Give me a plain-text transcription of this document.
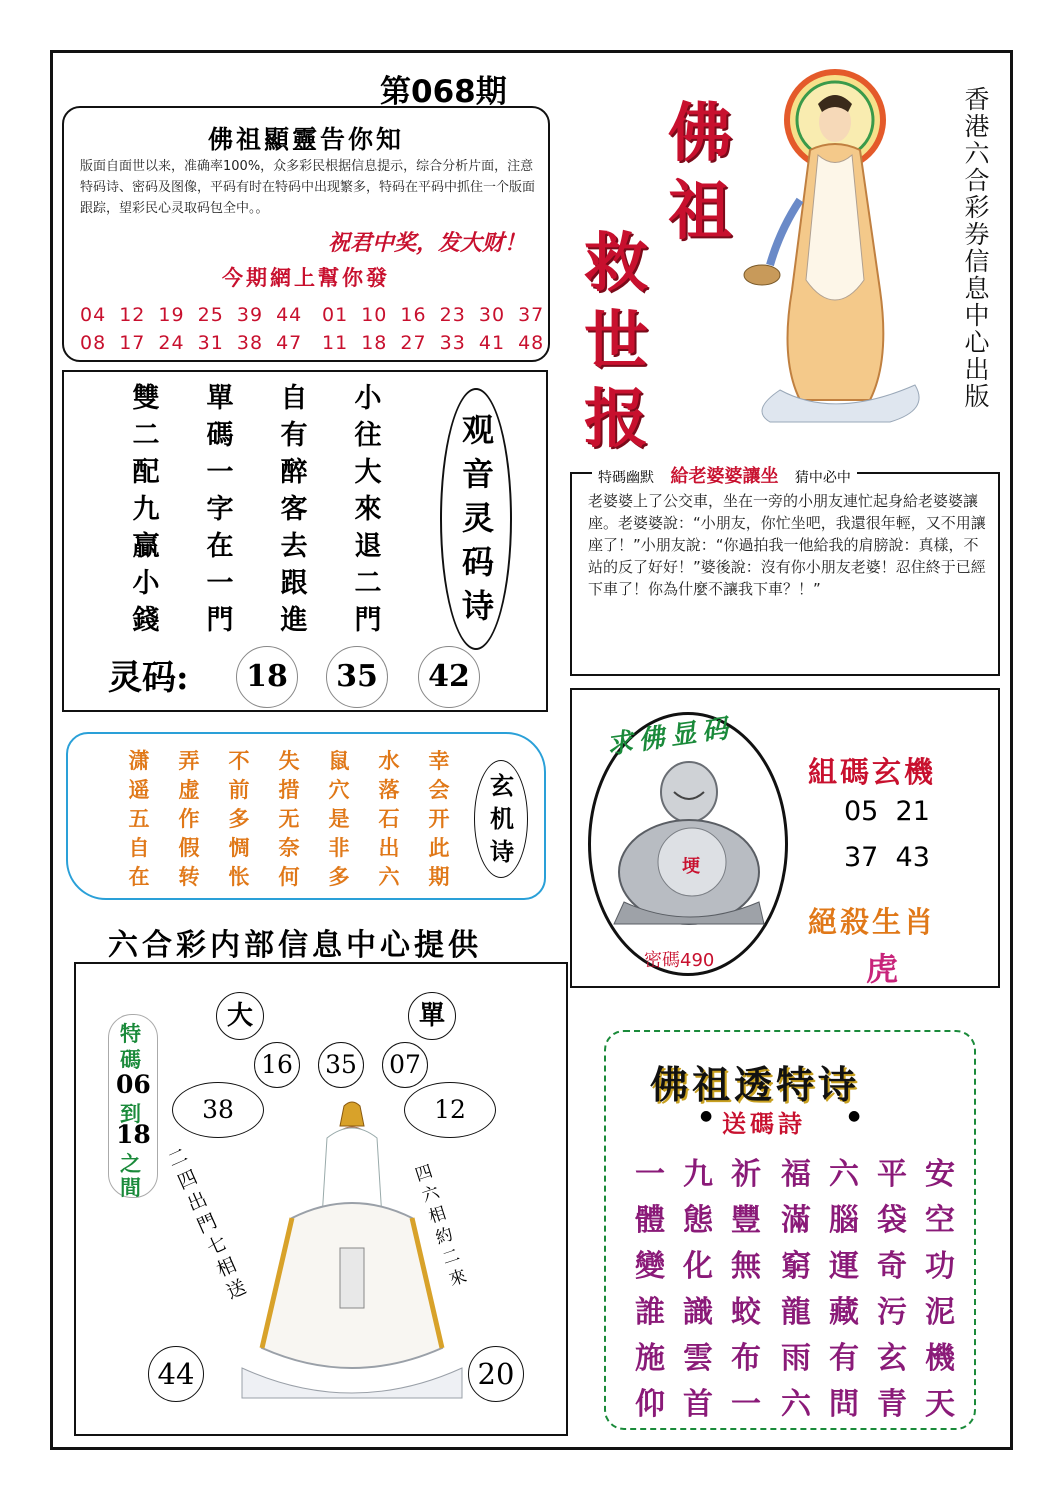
第068期
佛祖顯靈告你知
版面自面世以来，准确率100%，众多彩民根据信息提示，综合分析片面，注意特码诗、密码及图像，平码有时在特码中出现繁多，特码在平码中抓住一个版面跟踪，望彩民心灵取码包全中。。
祝君中奖，发大财！
今期網上幫你發
04 12 19 25 39 44
08 17 24 31 38 47
01 10 16 23 30 37
11 18 27 33 41 48
佛
祖
救
世
报
香港六合彩券信息中心出版
雙二配九贏小錢
單碼一字在一門
自有醉客去跟進
小往大來退二門
观音灵码诗
灵码:	18	35	42
特碼幽默 給老婆婆讓坐 猜中必中
老婆婆上了公交車，坐在一旁的小朋友連忙起身給老婆婆讓座。老婆婆說：“小朋友，你忙坐吧，我還很年輕，又不用讓座了！”小朋友說：“你過拍我一他給我的肩膀說：真樣，不站的反了好好！”婆後說：沒有你小朋友老婆！忍住終于已經下車了！你為什麼不讓我下車？！”
潇遥五自在
弄虚作假转
不前多惆怅
失措无奈何
鼠穴是非多
水落石出六
幸会开此期
玄机诗
六合彩内部信息中心提供
求佛显码
埂
密碼490
組碼玄機
05  21
37  43
絕殺生肖
虎
大	單
16 35 07
38	12
44	20
特
碼
06
到
18
之
間
二四出門七相送
四六相約二來
佛祖透特诗
● 送碼詩	●
一體變誰施仰
九態化識雲首
祈豐無蛟布一
福滿窮龍雨六
六腦運藏有問
平袋奇污玄青
安空功泥機天
